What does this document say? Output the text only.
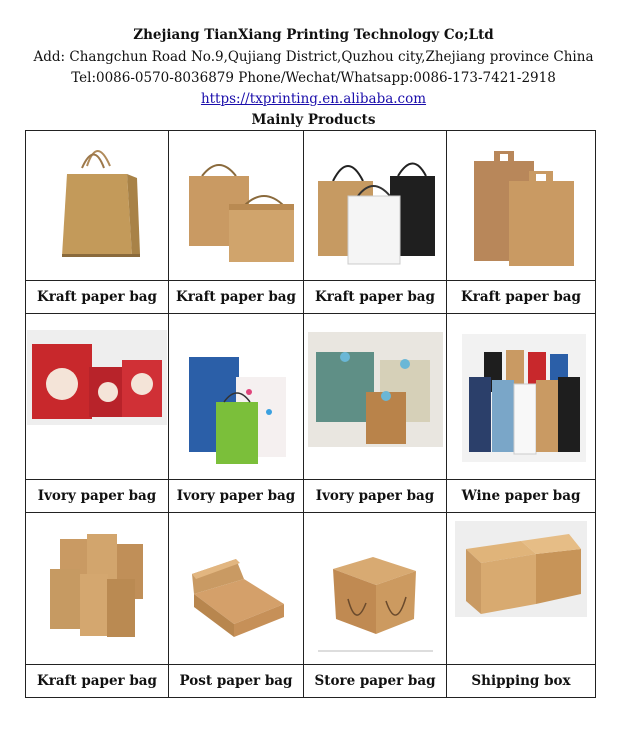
Zhejiang TianXiang Printing Technology Co;Ltd
Add: Changchun Road No.9,Qujiang District,Quzhou city,Zhejiang province China
Tel:0086-0570-8036879 Phone/Wechat/Whatsapp:0086-173-7421-2918
https://txprinting.en.alibaba.com
Mainly Products

Kraft paper bag	Kraft paper bag	Kraft paper bag	Kraft paper bag

Ivory paper bag	Ivory paper bag	Ivory paper bag	Wine paper bag

Kraft paper bag	Post paper bag	Store paper bag	Shipping box
